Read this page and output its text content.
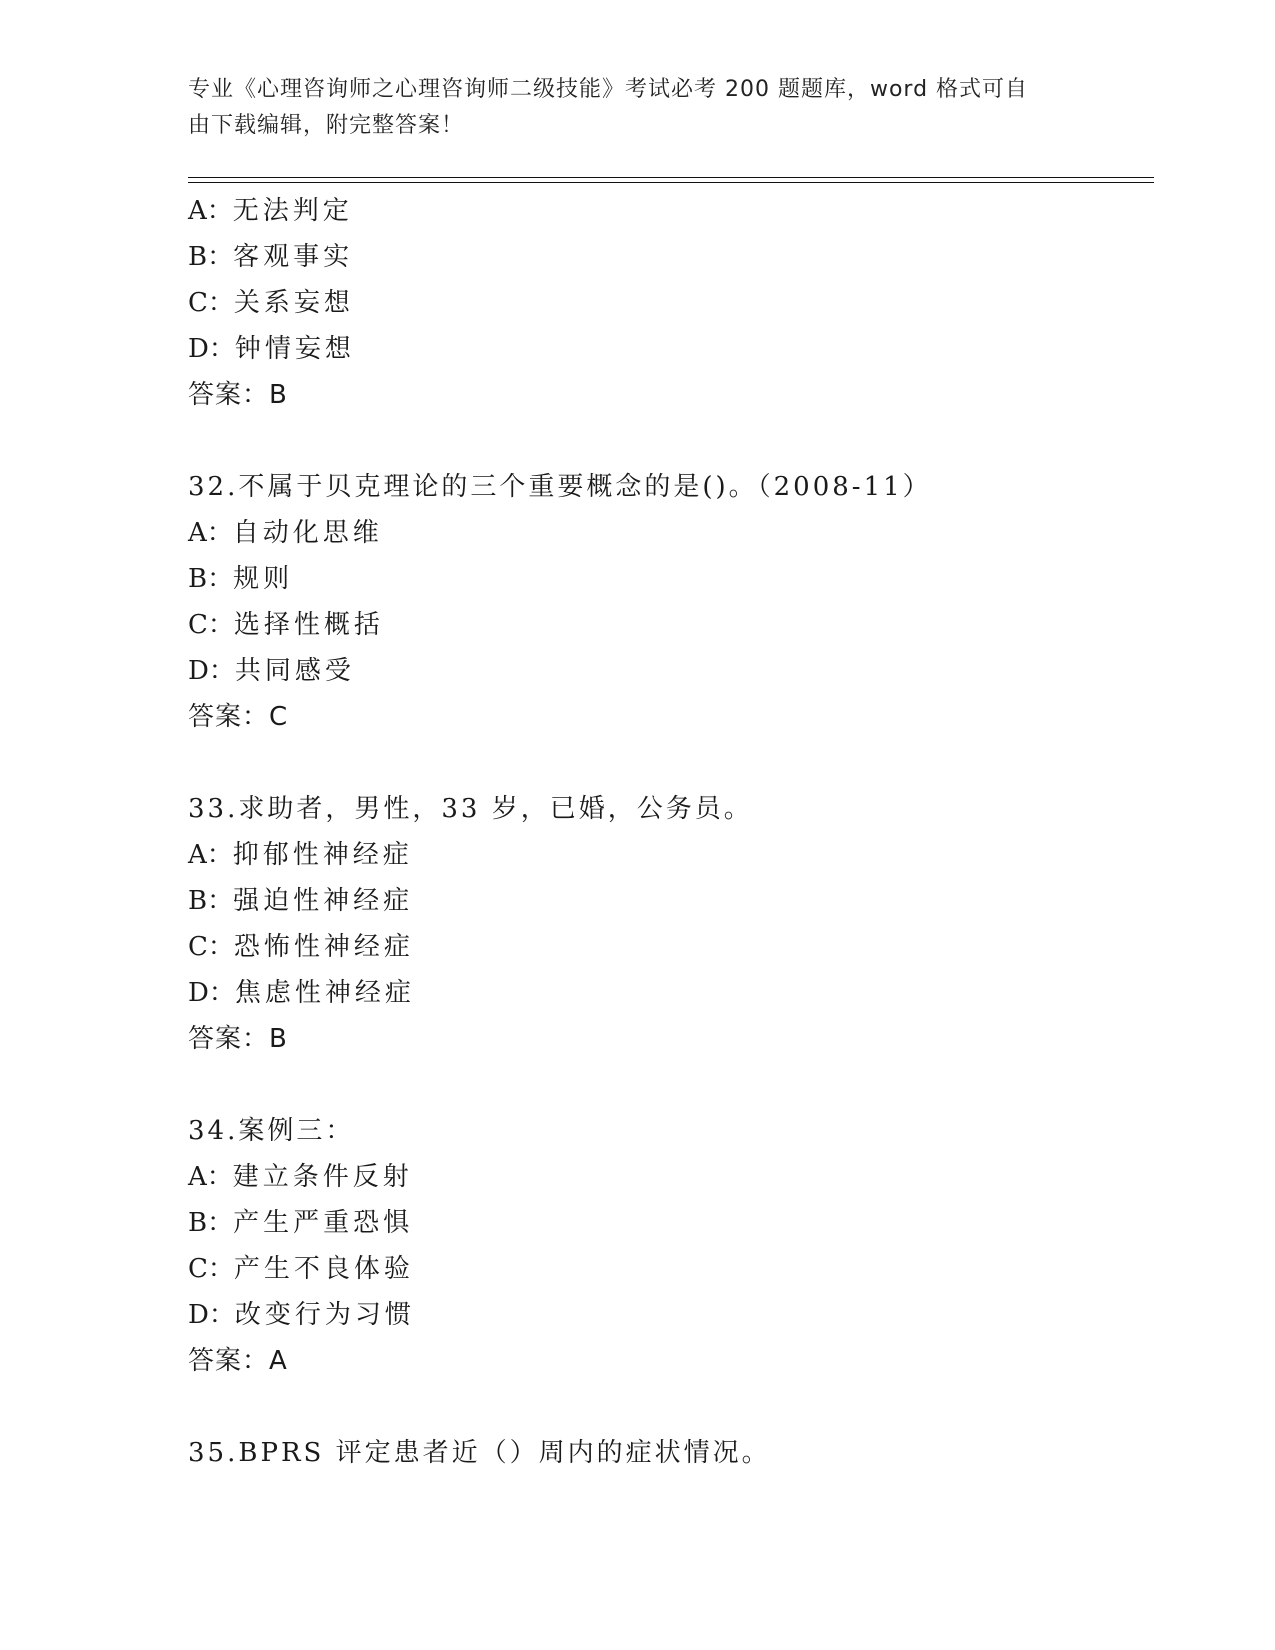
专业《心理咨询师之心理咨询师二级技能》考试必考 200 题题库，word 格式可自
由下载编辑，附完整答案！
A：无法判定
B：客观事实
C：关系妄想
D：钟情妄想
答案：B
32.不属于贝克理论的三个重要概念的是()。（2008-11）
A：自动化思维
B：规则
C：选择性概括
D：共同感受
答案：C
33.求助者，男性，33 岁，已婚，公务员。
A：抑郁性神经症
B：强迫性神经症
C：恐怖性神经症
D：焦虑性神经症
答案：B
34.案例三：
A：建立条件反射
B：产生严重恐惧
C：产生不良体验
D：改变行为习惯
答案：A
35.BPRS 评定患者近（）周内的症状情况。
